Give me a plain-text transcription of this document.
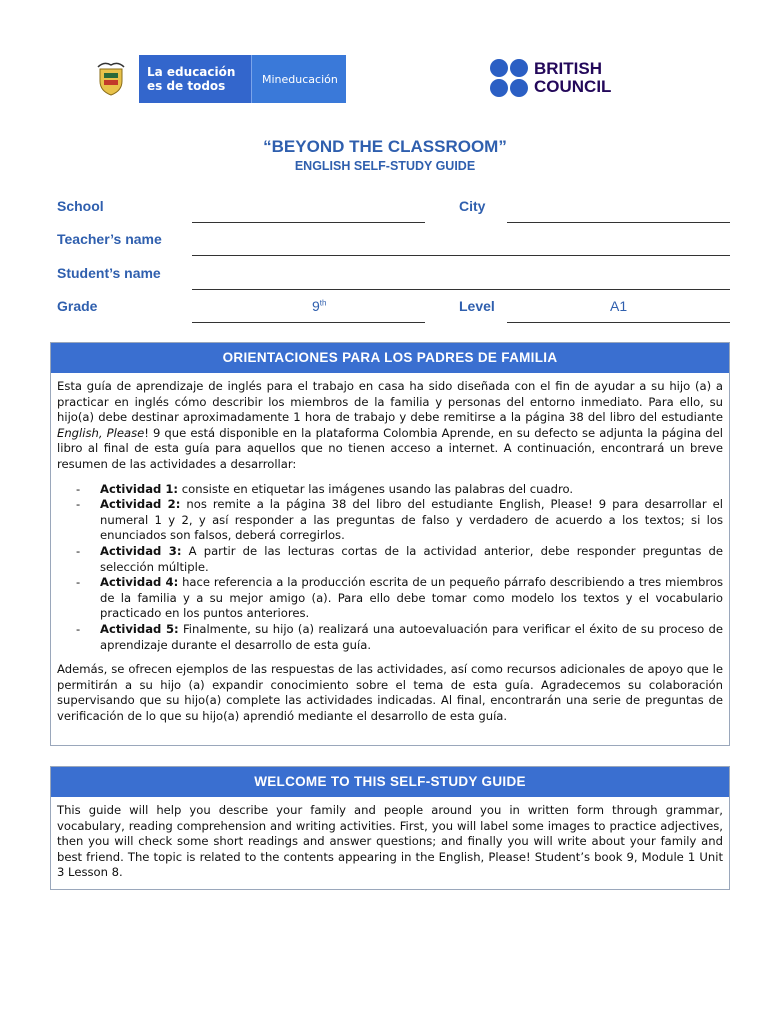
La educación
es de todos	Mineducación
BRITISH
COUNCIL
“BEYOND THE CLASSROOM”
ENGLISH SELF-STUDY GUIDE
School	City
Teacher’s name
Student’s name
Grade	9th	Level	A1
ORIENTACIONES PARA LOS PADRES DE FAMILIA

Esta guía de aprendizaje de inglés para el trabajo en casa ha sido diseñada con el fin de ayudar a su hijo (a) a practicar en inglés cómo describir los miembros de la familia y personas del entorno inmediato. Para ello, su hijo(a) debe destinar aproximadamente 1 hora de trabajo y debe remitirse a la página 38 del libro del estudiante English, Please! 9 que está disponible en la plataforma Colombia Aprende, en su defecto se adjunta la página del libro al final de esta guía para aquellos que no tienen acceso a internet. A continuación, encontrará un breve resumen de las actividades a desarrollar:

- Actividad 1: consiste en etiquetar las imágenes usando las palabras del cuadro.
- Actividad 2: nos remite a la página 38 del libro del estudiante English, Please! 9 para desarrollar el numeral 1 y 2, y así responder a las preguntas de falso y verdadero de acuerdo a los textos; si los enunciados son falsos, deberá corregirlos.
- Actividad 3: A partir de las lecturas cortas de la actividad anterior, debe responder preguntas de selección múltiple.
- Actividad 4: hace referencia a la producción escrita de un pequeño párrafo describiendo a tres miembros de la familia y a su mejor amigo (a). Para ello debe tomar como modelo los textos y el vocabulario practicado en los puntos anteriores.
- Actividad 5: Finalmente, su hijo (a) realizará una autoevaluación para verificar el éxito de su proceso de aprendizaje durante el desarrollo de esta guía.

Además, se ofrecen ejemplos de las respuestas de las actividades, así como recursos adicionales de apoyo que le permitirán a su hijo (a) expandir conocimiento sobre el tema de esta guía. Agradecemos su colaboración supervisando que su hijo(a) complete las actividades indicadas. Al final, encontrarán una serie de preguntas de verificación de lo que su hijo(a) aprendió mediante el desarrollo de esta guía.

WELCOME TO THIS SELF-STUDY GUIDE
This guide will help you describe your family and people around you in written form through grammar, vocabulary, reading comprehension and writing activities. First, you will label some images to practice adjectives, then you will check some short readings and answer questions; and finally you will write about your family and best friend. The topic is related to the contents appearing in the English, Please! Student’s book 9, Module 1 Unit 3 Lesson 8.
